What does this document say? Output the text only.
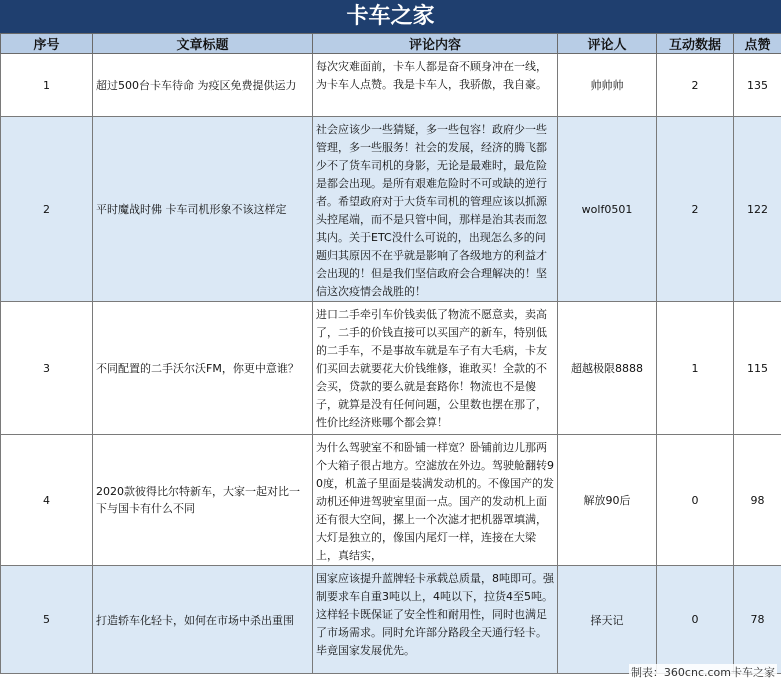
卡车之家
序号	文章标题	评论内容	评论人	互动数据	点赞
1	超过500台卡车待命 为疫区免费提供运力	每次灾难面前，卡车人都是奋不顾身冲在一线，为卡车人点赞。我是卡车人，我骄傲，我自豪。	帅帅帅	2	135
2	平时魔战时佛 卡车司机形象不该这样定	社会应该少一些猜疑，多一些包容！政府少一些管理，多一些服务！社会的发展，经济的腾飞都少不了货车司机的身影，无论是最难时，最危险是都会出现。是所有艰难危险时不可或缺的逆行者。希望政府对于大货车司机的管理应该以抓源头控尾端，而不是只管中间，那样是治其表而忽其内。关于ETC没什么可说的，出现怎么多的问题归其原因不在乎就是影响了各级地方的利益才会出现的！但是我们坚信政府会合理解决的！坚信这次疫情会战胜的！	wolf0501	2	122
3	不同配置的二手沃尔沃FM，你更中意谁？	进口二手牵引车价钱卖低了物流不愿意卖，卖高了，二手的价钱直接可以买国产的新车，特别低的二手车，不是事故车就是车子有大毛病，卡友们买回去就要花大价钱维修，谁敢买！全款的不会买，贷款的要么就是套路你！物流也不是傻子，就算是没有任何问题，公里数也摆在那了，性价比经济账哪个都会算！	超越极限8888	1	115
4	2020款彼得比尔特新车，大家一起对比一下与国卡有什么不同	为什么驾驶室不和卧铺一样宽？卧铺前边儿那两个大箱子很占地方。空滤放在外边。驾驶舱翻转90度，机盖子里面是装满发动机的。不像国产的发动机还伸进驾驶室里面一点。国产的发动机上面还有很大空间，摞上一个次滤才把机器罩填满，大灯是独立的，像国内尾灯一样，连接在大梁上，真结实，	解放90后	0	98
5	打造轿车化轻卡，如何在市场中杀出重围	国家应该提升蓝牌轻卡承载总质量，8吨即可。强制要求车自重3吨以上，4吨以下，拉货4至5吨。这样轻卡既保证了安全性和耐用性，同时也满足了市场需求。同时允许部分路段全天通行轻卡。毕竟国家发展优先。	择天记	0	78
制表：360cnc.com卡车之家
